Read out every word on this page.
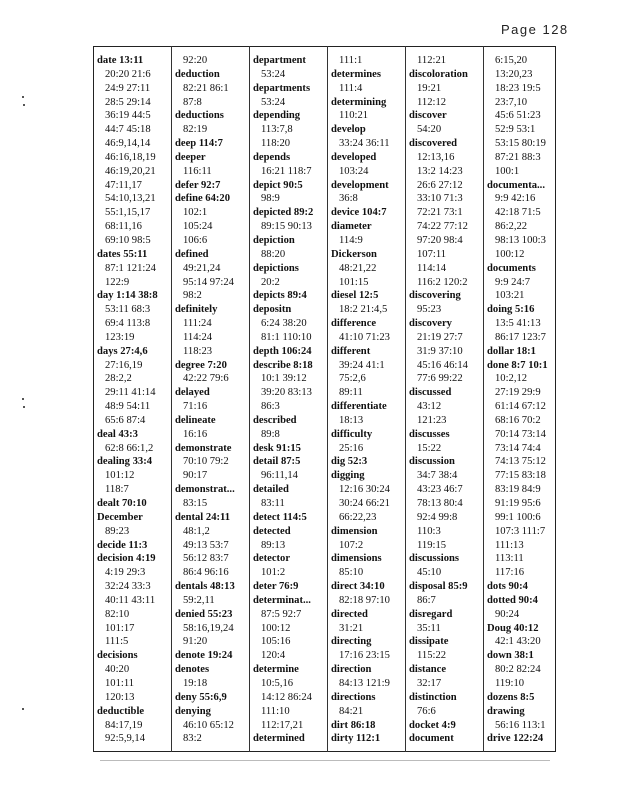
Page 128
date 13:11
20:20 21:6
24:9 27:11
28:5 29:14
36:19 44:5
44:7 45:18
46:9,14,14
46:16,18,19
46:19,20,21
47:11,17
54:10,13,21
55:1,15,17
68:11,16
69:10 98:5
dates 55:11
87:1 121:24
122:9
day 1:14 38:8
53:11 68:3
69:4 113:8
123:19
days 27:4,6
27:16,19
28:2,2
29:11 41:14
48:9 54:11
65:6 87:4
deal 43:3
62:8 66:1,2
dealing 33:4
101:12
118:7
dealt 70:10
December
89:23
decide 11:3
decision 4:19
4:19 29:3
32:24 33:3
40:11 43:11
82:10
101:17
111:5
decisions
40:20
101:11
120:13
deductible
84:17,19
92:5,9,14
92:20
deduction
82:21 86:1
87:8
deductions
82:19
deep 114:7
deeper
116:11
defer 92:7
define 64:20
102:1
105:24
106:6
defined
49:21,24
95:14 97:24
98:2
definitely
111:24
114:24
118:23
degree 7:20
42:22 79:6
delayed
71:16
delineate
16:16
demonstrate
70:10 79:2
90:17
demonstrat...
83:15
dental 24:11
48:1,2
49:13 53:7
56:12 83:7
86:4 96:16
dentals 48:13
59:2,11
denied 55:23
58:16,19,24
91:20
denote 19:24
denotes
19:18
deny 55:6,9
denying
46:10 65:12
83:2
department
53:24
departments
53:24
depending
113:7,8
118:20
depends
16:21 118:7
depict 90:5
98:9
depicted 89:2
89:15 90:13
depiction
88:20
depictions
20:2
depicts 89:4
depositn
6:24 38:20
81:1 110:10
depth 106:24
describe 8:18
10:1 39:12
39:20 83:13
86:3
described
89:8
desk 91:15
detail 87:5
96:11,14
detailed
83:11
detect 114:5
detected
89:13
detector
101:2
deter 76:9
determinat...
87:5 92:7
100:12
105:16
120:4
determine
10:5,16
14:12 86:24
111:10
112:17,21
determined
111:1
determines
111:4
determining
110:21
develop
33:24 36:11
developed
103:24
development
36:8
device 104:7
diameter
114:9
Dickerson
48:21,22
101:15
diesel 12:5
18:2 21:4,5
difference
41:10 71:23
different
39:24 41:1
75:2,6
89:11
differentiate
18:13
difficulty
25:16
dig 52:3
digging
12:16 30:24
30:24 66:21
66:22,23
dimension
107:2
dimensions
85:10
direct 34:10
82:18 97:10
directed
31:21
directing
17:16 23:15
direction
84:13 121:9
directions
84:21
dirt 86:18
dirty 112:1
112:21
discoloration
19:21
112:12
discover
54:20
discovered
12:13,16
13:2 14:23
26:6 27:12
33:10 71:3
72:21 73:1
74:22 77:12
97:20 98:4
107:11
114:14
116:2 120:2
discovering
95:23
discovery
21:19 27:7
31:9 37:10
45:16 46:14
77:6 99:22
discussed
43:12
121:23
discusses
15:22
discussion
34:7 38:4
43:23 46:7
78:13 80:4
92:4 99:8
110:3
119:15
discussions
45:10
disposal 85:9
86:7
disregard
35:11
dissipate
115:22
distance
32:17
distinction
76:6
docket 4:9
document
6:15,20
13:20,23
18:23 19:5
23:7,10
45:6 51:23
52:9 53:1
53:15 80:19
87:21 88:3
100:1
documenta...
9:9 42:16
42:18 71:5
86:2,22
98:13 100:3
100:12
documents
9:9 24:7
103:21
doing 5:16
13:5 41:13
86:17 123:7
dollar 18:1
done 8:7 10:1
10:2,12
27:19 29:9
61:14 67:12
68:16 70:2
70:14 73:14
73:14 74:4
74:13 75:12
77:15 83:18
83:19 84:9
91:19 95:6
99:1 100:6
107:3 111:7
111:13
113:11
117:16
dots 90:4
dotted 90:4
90:24
Doug 40:12
42:1 43:20
down 38:1
80:2 82:24
119:10
dozens 8:5
drawing
56:16 113:1
drive 122:24
